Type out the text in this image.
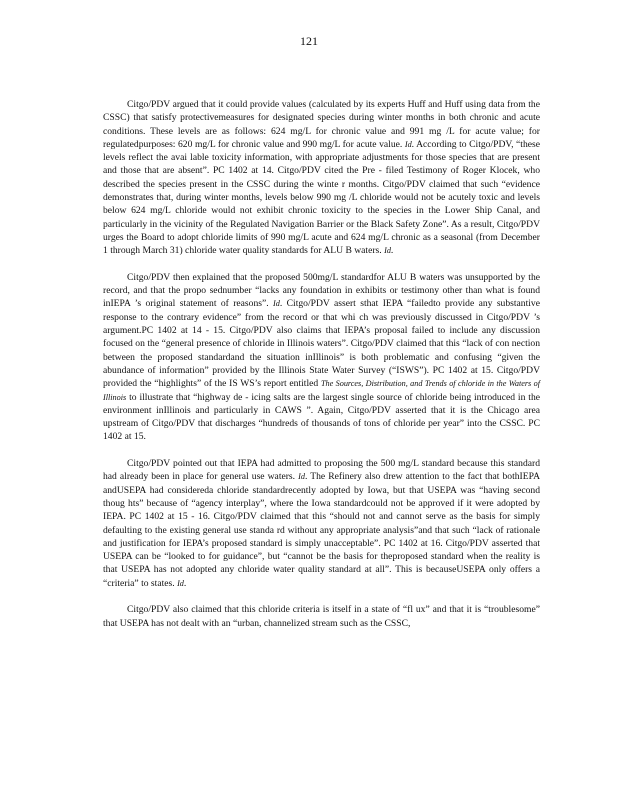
121

Citgo/PDV argued that it could provide values (calculated by its experts Huff and Huff using data from the CSSC) that satisfy protectivemeasures for designated species during winter months in both chronic and acute conditions. These levels are as follows: 624 mg/L for chronic value and 991 mg /L for acute value; for regulatedpurposes: 620 mg/L for chronic value and 990 mg/L for acute value. Id. According to Citgo/PDV, “these levels reflect the avai lable toxicity information, with appropriate adjustments for those species that are present and those that are absent”. PC 1402 at 14. Citgo/PDV cited the Pre - filed Testimony of Roger Klocek, who described the species present in the CSSC during the winte r months. Citgo/PDV claimed that such “evidence demonstrates that, during winter months, levels below 990 mg /L chloride would not be acutely toxic and levels below 624 mg/L chloride would not exhibit chronic toxicity to the species in the Lower Ship Canal, and particularly in the vicinity of the Regulated Navigation Barrier or the Black Safety Zone”. As a result, Citgo/PDV urges the Board to adopt chloride limits of 990 mg/L acute and 624 mg/L chronic as a seasonal (from December 1 through March 31) chloride water quality standards for ALU B waters. Id.

Citgo/PDV then explained that the proposed 500mg/L standardfor ALU B waters was unsupported by the record, and that the propo sednumber “lacks any foundation in exhibits or testimony other than what is found inIEPA ’s original statement of reasons”. Id. Citgo/PDV assert sthat IEPA “failedto provide any substantive response to the contrary evidence” from the record or that whi ch was previously discussed in Citgo/PDV ’s argument.PC 1402 at 14 - 15. Citgo/PDV also claims that IEPA’s proposal failed to include any discussion focused on the “general presence of chloride in Illinois waters”. Citgo/PDV claimed that this “lack of con nection between the proposed standardand the situation inIllinois” is both problematic and confusing “given the abundance of information” provided by the Illinois State Water Survey (“ISWS”). PC 1402 at 15. Citgo/PDV provided the “highlights” of the IS WS’s report entitled The Sources, Distribution, and Trends of chloride in the Waters of Illinois to illustrate that “highway de - icing salts are the largest single source of chloride being introduced in the environment inIllinois and particularly in CAWS ”. Again, Citgo/PDV asserted that it is the Chicago area upstream of Citgo/PDV that discharges “hundreds of thousands of tons of chloride per year” into the CSSC. PC 1402 at 15.

Citgo/PDV pointed out that IEPA had admitted to proposing the 500 mg/L standard because this standard had already been in place for general use waters. Id. The Refinery also drew attention to the fact that bothIEPA andUSEPA had considereda chloride standardrecently adopted by Iowa, but that USEPA was “having second thoug hts” because of “agency interplay”, where the Iowa standardcould not be approved if it were adopted by IEPA. PC 1402 at 15 - 16. Citgo/PDV claimed that this “should not and cannot serve as the basis for simply defaulting to the existing general use standa rd without any appropriate analysis”and that such “lack of rationale and justification for IEPA’s proposed standard is simply unacceptable”. PC 1402 at 16. Citgo/PDV asserted that USEPA can be “looked to for guidance”, but “cannot be the basis for theproposed standard when the reality is that USEPA has not adopted any chloride water quality standard at all”. This is becauseUSEPA only offers a “criteria” to states. Id.

Citgo/PDV also claimed that this chloride criteria is itself in a state of “fl ux” and that it is “troublesome” that USEPA has not dealt with an “urban, channelized stream such as the CSSC,
